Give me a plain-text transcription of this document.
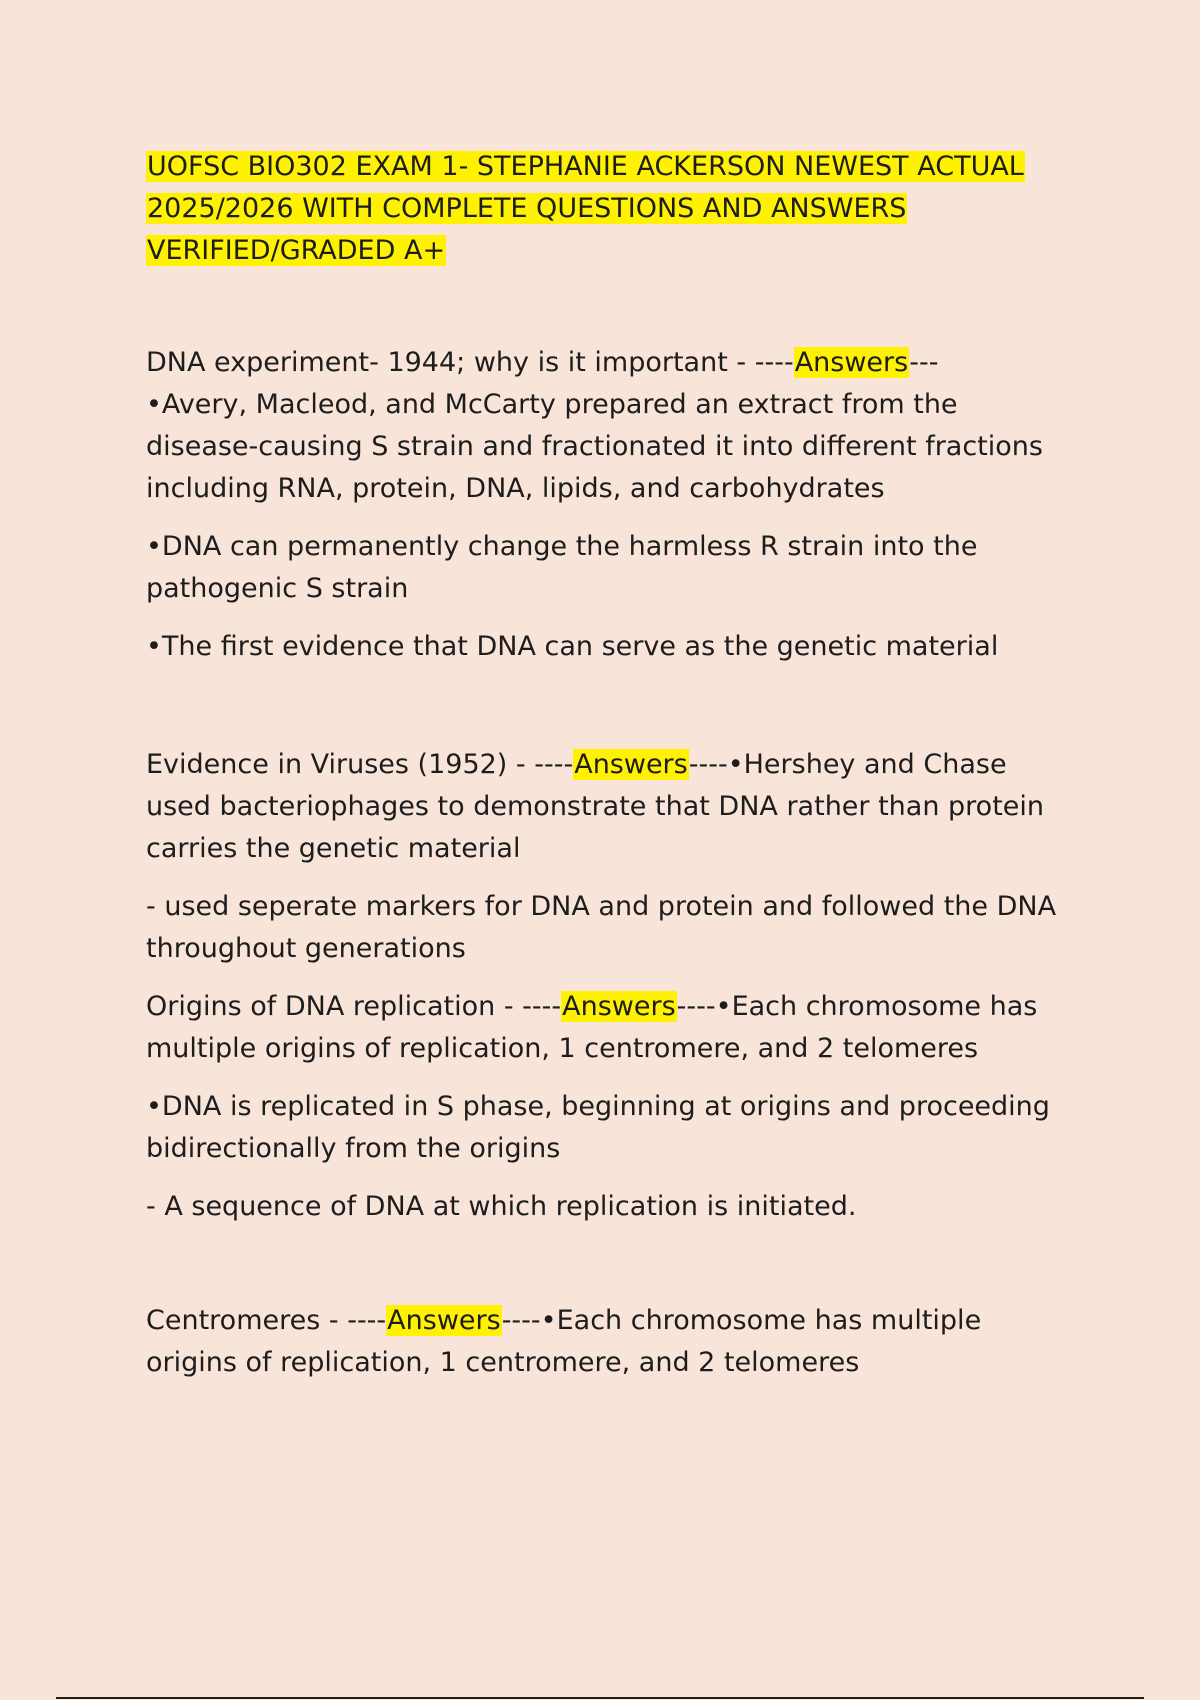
UOFSC BIO302 EXAM 1- STEPHANIE ACKERSON NEWEST ACTUAL 2025/2026 WITH COMPLETE QUESTIONS AND ANSWERS VERIFIED/GRADED A+

DNA experiment- 1944; why is it important - ----Answers---
•Avery, Macleod, and McCarty prepared an extract from the disease-causing S strain and fractionated it into different fractions including RNA, protein, DNA, lipids, and carbohydrates

•DNA can permanently change the harmless R strain into the pathogenic S strain

•The first evidence that DNA can serve as the genetic material

Evidence in Viruses (1952) - ----Answers----•Hershey and Chase used bacteriophages to demonstrate that DNA rather than protein carries the genetic material

- used seperate markers for DNA and protein and followed the DNA throughout generations

Origins of DNA replication - ----Answers----•Each chromosome has multiple origins of replication, 1 centromere, and 2 telomeres

•DNA is replicated in S phase, beginning at origins and proceeding bidirectionally from the origins

- A sequence of DNA at which replication is initiated.

Centromeres - ----Answers----•Each chromosome has multiple origins of replication, 1 centromere, and 2 telomeres
